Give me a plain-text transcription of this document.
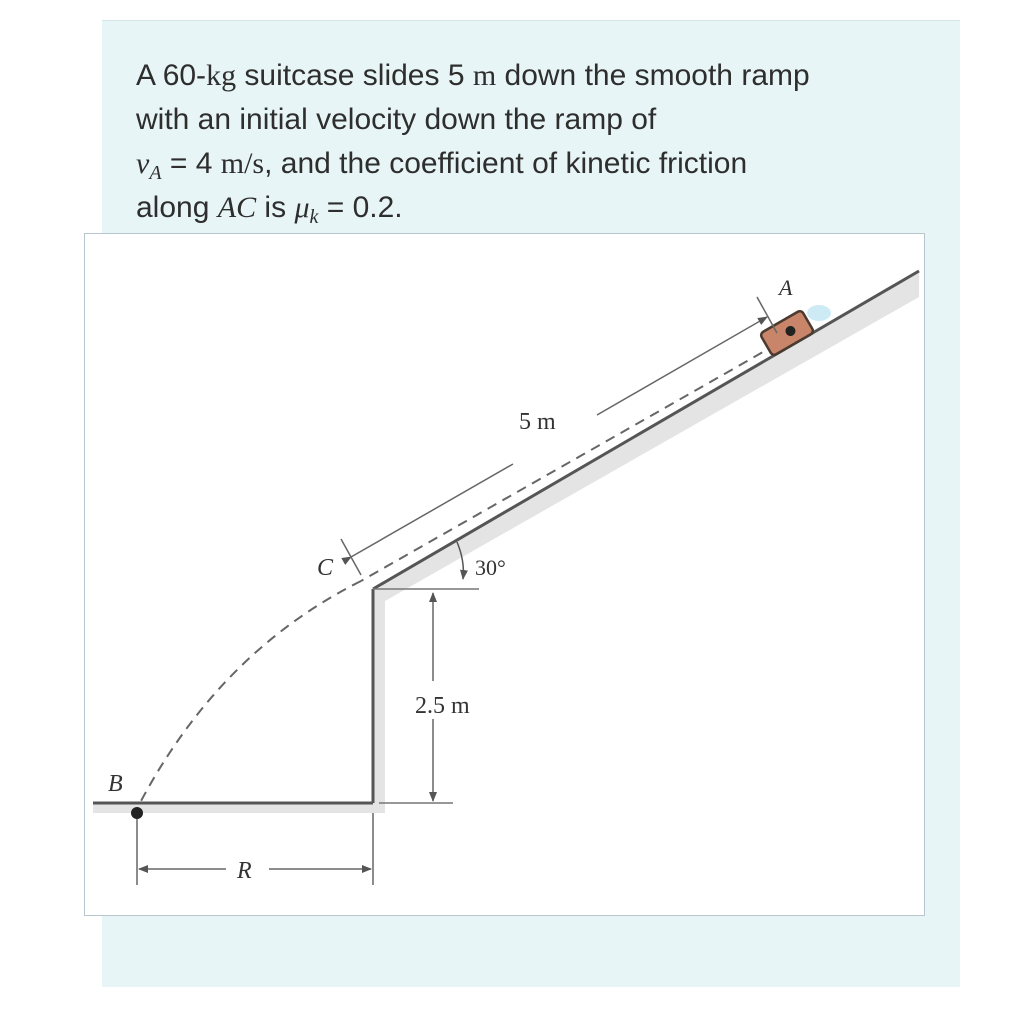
A 60-kg suitcase slides 5 m down the smooth ramp
with an initial velocity down the ramp of
$v_A = 4$ m/s, and the coefficient of kinetic friction
along AC is $\mu_k = 0.2$.
A
B
C
R
5 m
2.5 m
30°
